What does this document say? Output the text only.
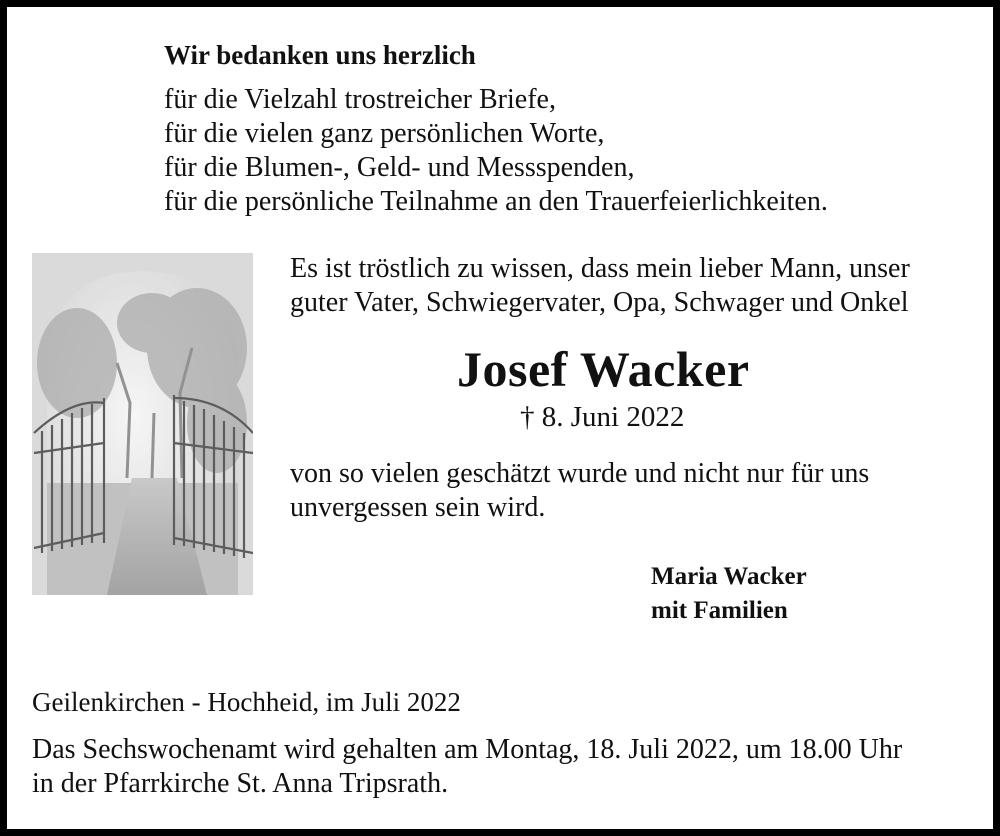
Wir bedanken uns herzlich
für die Vielzahl trostreicher Briefe,
für die vielen ganz persönlichen Worte,
für die Blumen-, Geld- und Messspenden,
für die persönliche Teilnahme an den Trauerfeierlichkeiten.
Es ist tröstlich zu wissen, dass mein lieber Mann, unser
guter Vater, Schwiegervater, Opa, Schwager und Onkel
Josef Wacker
† 8. Juni 2022
von so vielen geschätzt wurde und nicht nur für uns
unvergessen sein wird.
Maria Wacker
mit Familien
Geilenkirchen - Hochheid, im Juli 2022
Das Sechswochenamt wird gehalten am Montag, 18. Juli 2022, um 18.00 Uhr
in der Pfarrkirche St. Anna Tripsrath.
